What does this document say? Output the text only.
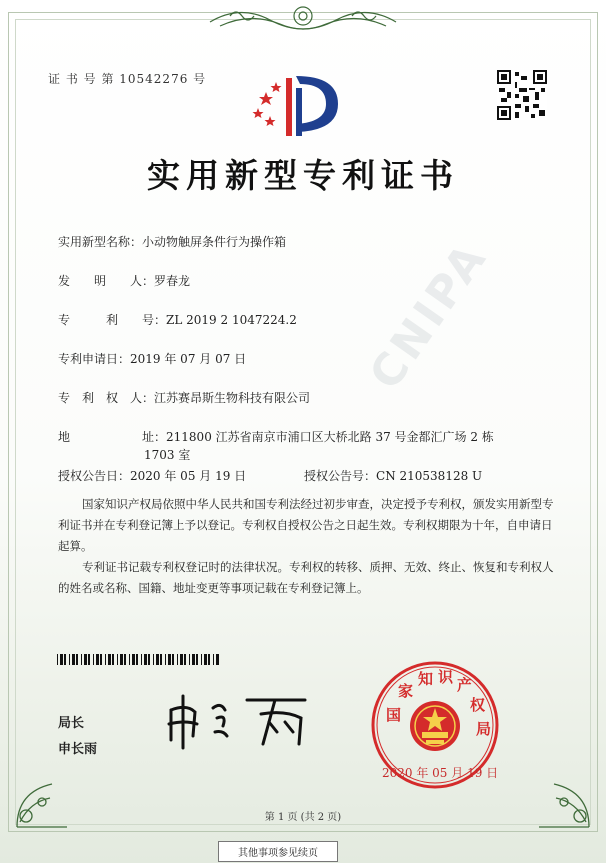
证 书 号 第 10542276 号
实用新型专利证书
CNIPA
实用新型名称：小动物触屏条件行为操作箱
发　　明　　人：罗春龙
专　　　利　　号：ZL 2019 2 1047224.2
专利申请日：2019 年 07 月 07 日
专　利　权　人：江苏赛昂斯生物科技有限公司
地　　　　　　址：211800 江苏省南京市浦口区大桥北路 37 号金都汇广场 2 栋
1703 室
授权公告日：2020 年 05 月 19 日	授权公告号：CN 210538128 U
国家知识产权局依照中华人民共和国专利法经过初步审查，决定授予专利权，颁发实用新型专利证书并在专利登记簿上予以登记。专利权自授权公告之日起生效。专利权期限为十年，自申请日起算。
专利证书记载专利权登记时的法律状况。专利权的转移、质押、无效、终止、恢复和专利权人的姓名或名称、国籍、地址变更等事项记载在专利登记簿上。
局长
申长雨
国
家
知 识 产
权
局
2020 年 05 月 19 日
第 1 页 (共 2 页)
其他事项参见续页
